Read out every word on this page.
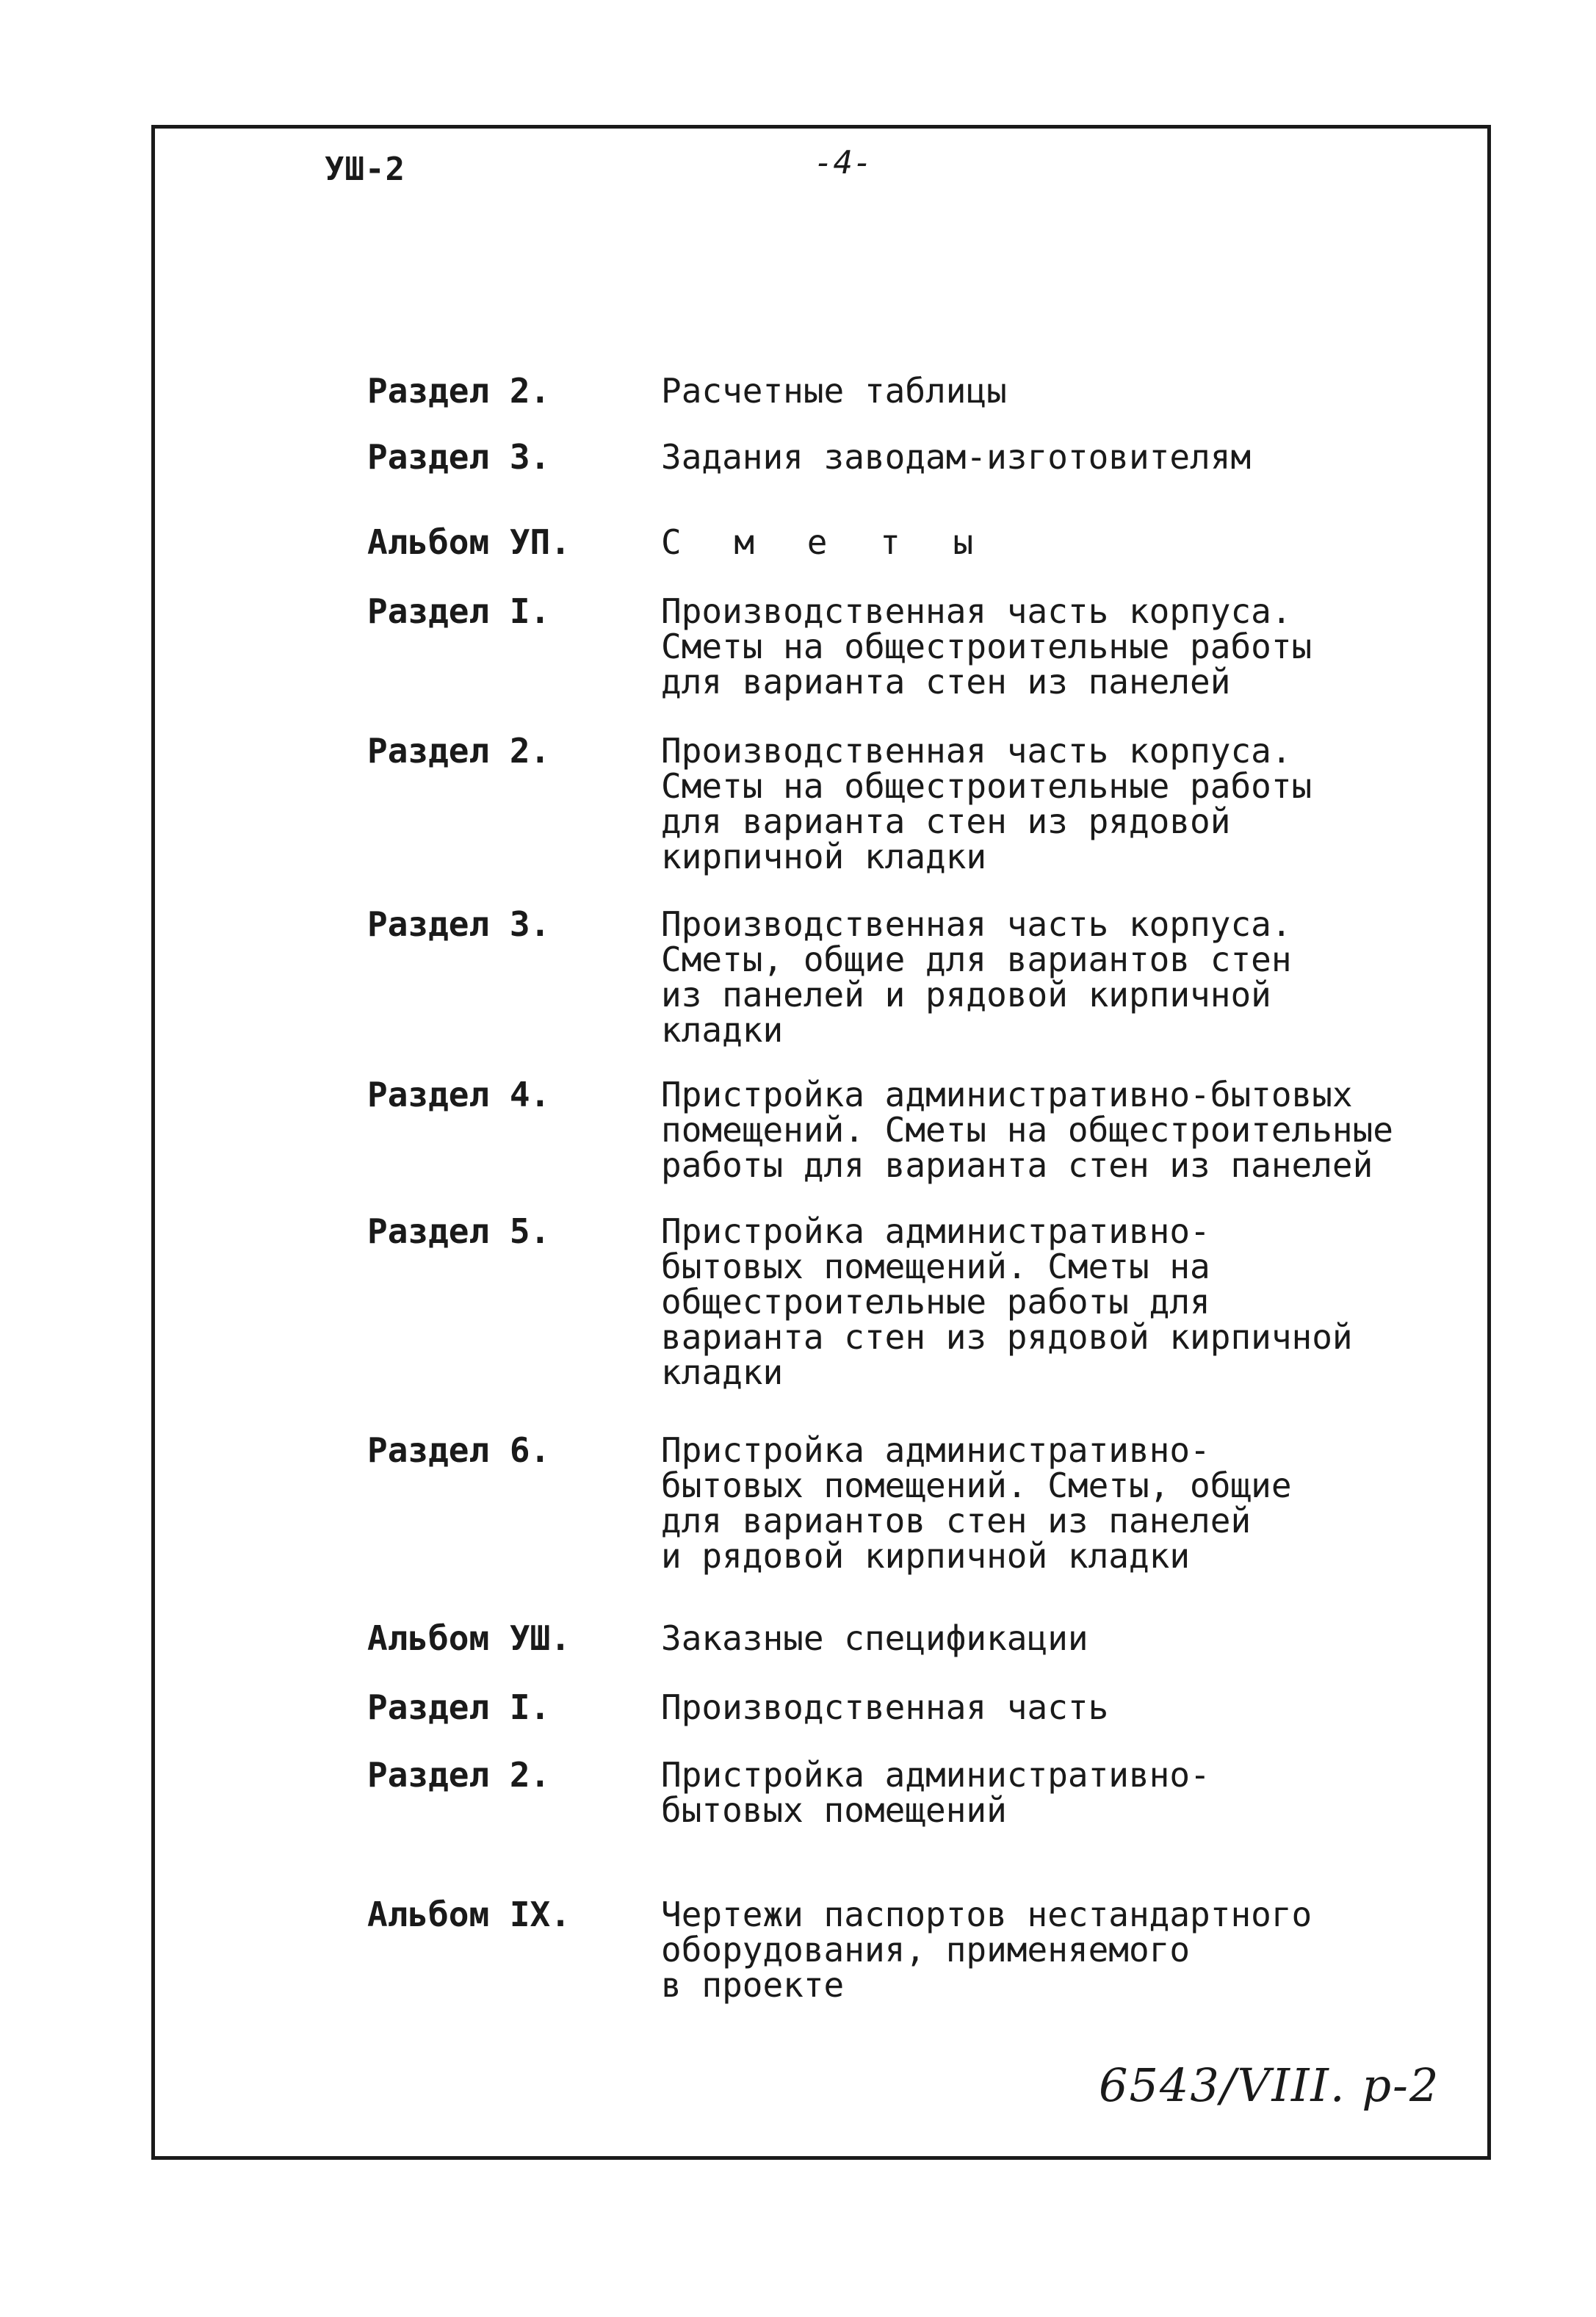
УШ-2	-4-
Раздел 2.	Расчетные таблицы
Раздел 3.	Задания заводам-изготовителям
Альбом УП.	С м е т ы
Раздел I.	Производственная часть корпуса.
Сметы на общестроительные работы
для варианта стен из панелей
Раздел 2.	Производственная часть корпуса.
Сметы на общестроительные работы
для варианта стен из рядовой
кирпичной кладки
Раздел 3.	Производственная часть корпуса.
Сметы, общие для вариантов стен
из панелей и рядовой кирпичной
кладки
Раздел 4.	Пристройка административно-бытовых
помещений. Сметы на общестроительные
работы для варианта стен из панелей
Раздел 5.	Пристройка административно-
бытовых помещений. Сметы на
общестроительные работы для
варианта стен из рядовой кирпичной
кладки
Раздел 6.	Пристройка административно-
бытовых помещений. Сметы, общие
для вариантов стен из панелей
и рядовой кирпичной кладки
Альбом УШ.	Заказные спецификации
Раздел I.	Производственная часть
Раздел 2.	Пристройка административно-
бытовых помещений
Альбом IX.	Чертежи паспортов нестандартного
оборудования, применяемого
в проекте
6543/VIII. р-2
